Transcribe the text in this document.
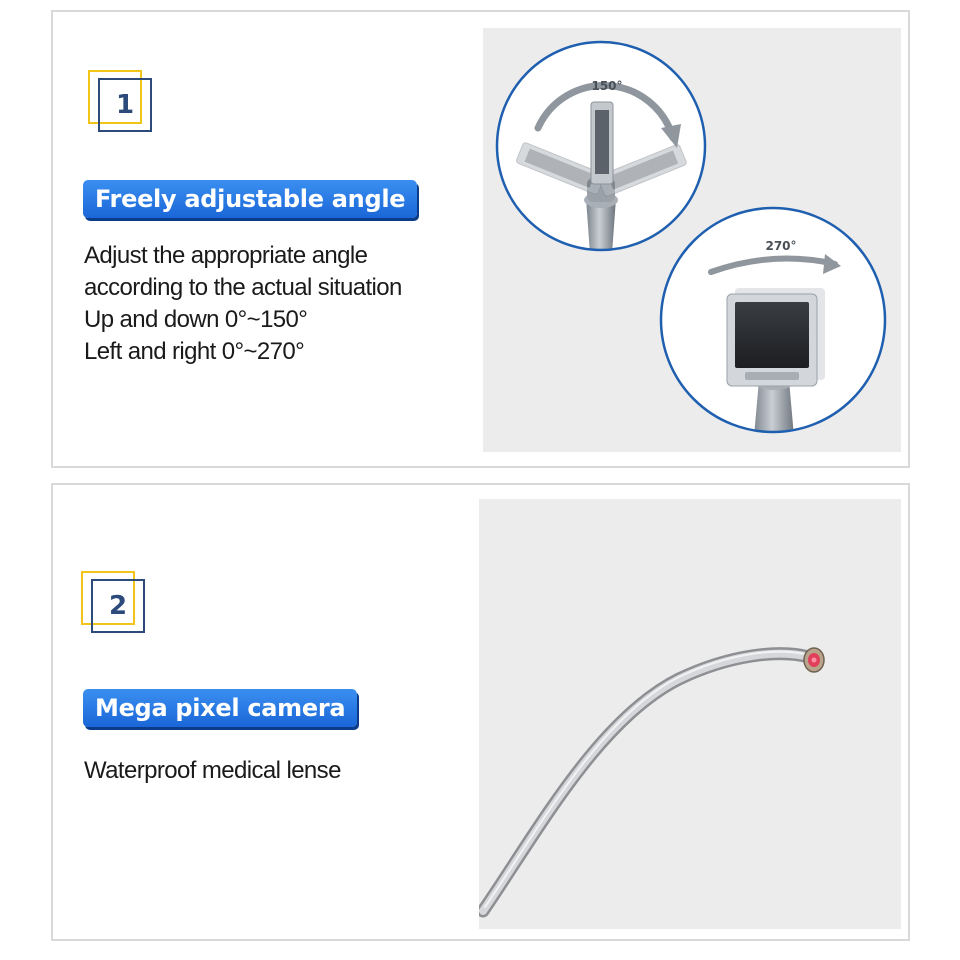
1
Freely adjustable angle
Adjust the appropriate angle
according to the actual situation
Up and down 0°~150°
Left and right 0°~270°
150°
270°
2
Mega pixel camera
Waterproof medical lense
